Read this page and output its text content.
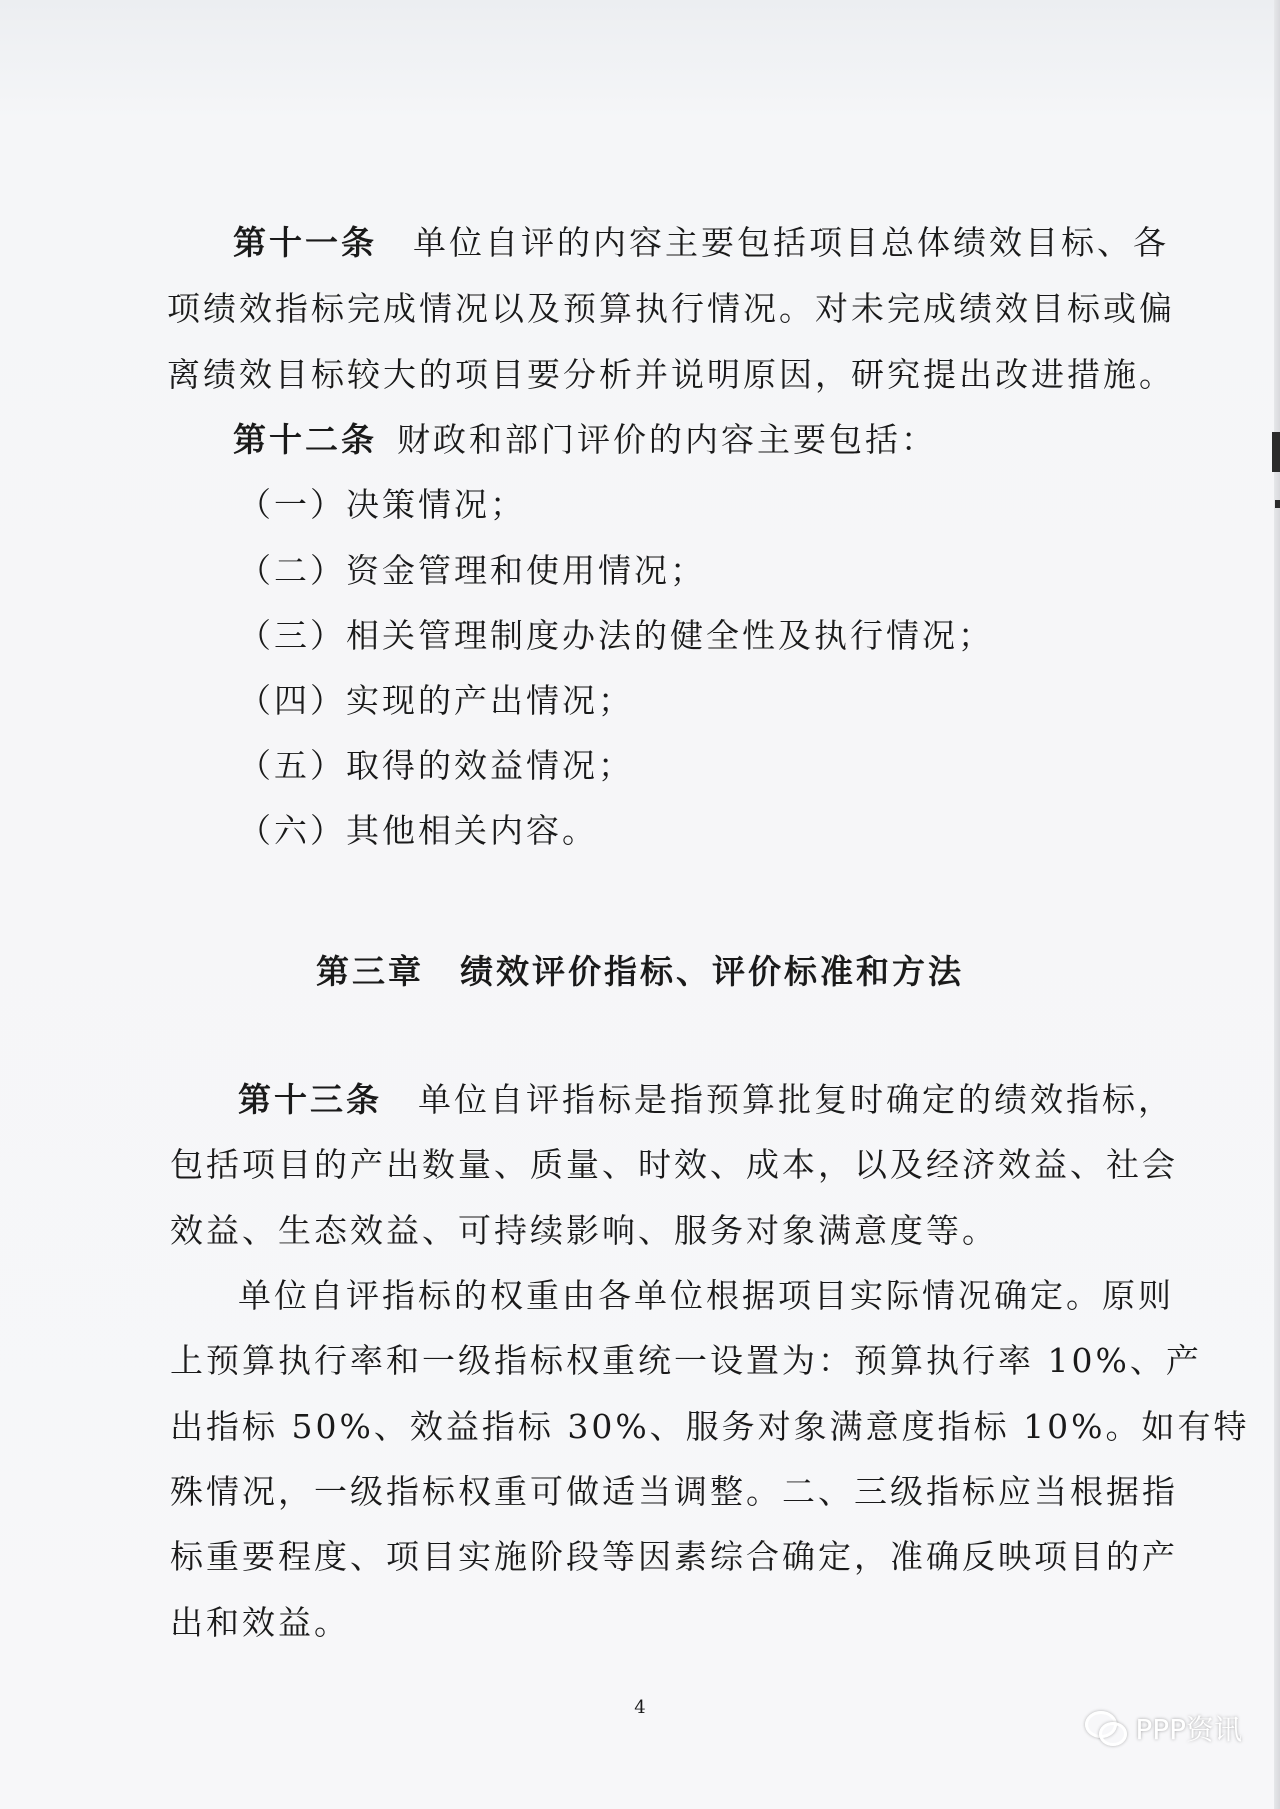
第十一条 单位自评的内容主要包括项目总体绩效目标、各
项绩效指标完成情况以及预算执行情况。对未完成绩效目标或偏
离绩效目标较大的项目要分析并说明原因，研究提出改进措施。
第十二条 财政和部门评价的内容主要包括：
（一）决策情况；
（二）资金管理和使用情况；
（三）相关管理制度办法的健全性及执行情况；
（四）实现的产出情况；
（五）取得的效益情况；
（六）其他相关内容。
第三章　绩效评价指标、评价标准和方法
第十三条 单位自评指标是指预算批复时确定的绩效指标，
包括项目的产出数量、质量、时效、成本，以及经济效益、社会
效益、生态效益、可持续影响、服务对象满意度等。
单位自评指标的权重由各单位根据项目实际情况确定。原则
上预算执行率和一级指标权重统一设置为：预算执行率 10%、产
出指标 50%、效益指标 30%、服务对象满意度指标 10%。如有特
殊情况，一级指标权重可做适当调整。二、三级指标应当根据指
标重要程度、项目实施阶段等因素综合确定，准确反映项目的产
出和效益。
4
PPP资讯
